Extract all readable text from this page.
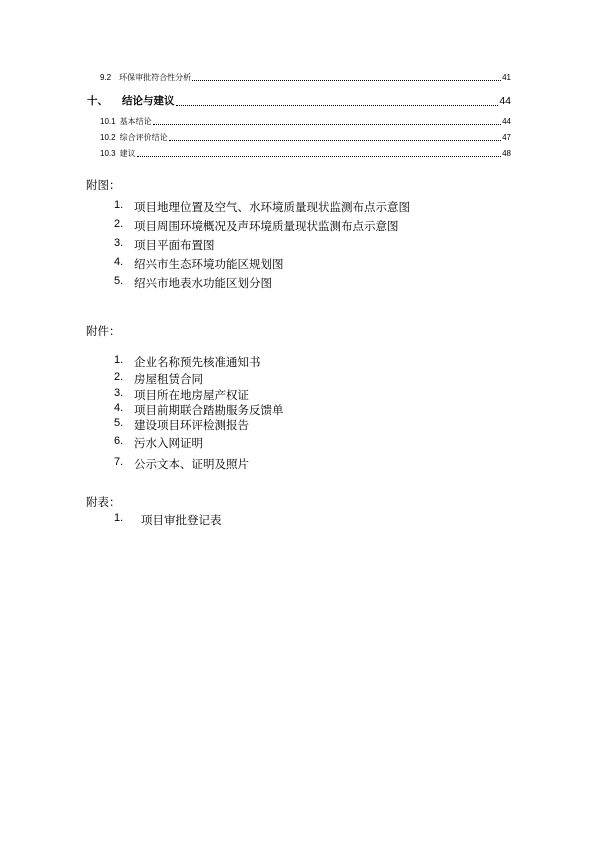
9.2 环保审批符合性分析	41
十、 结论与建议	44
10.1 基本结论	44
10.2 综合评价结论	47
10.3 建议	48
附图：
1. 项目地理位置及空气、水环境质量现状监测布点示意图
2. 项目周围环境概况及声环境质量现状监测布点示意图
3. 项目平面布置图
4. 绍兴市生态环境功能区规划图
5. 绍兴市地表水功能区划分图
附件：
1. 企业名称预先核准通知书
2. 房屋租赁合同
3. 项目所在地房屋产权证
4. 项目前期联合踏勘服务反馈单
5. 建设项目环评检测报告
6. 污水入网证明
7. 公示文本、证明及照片
附表：
1. 项目审批登记表
